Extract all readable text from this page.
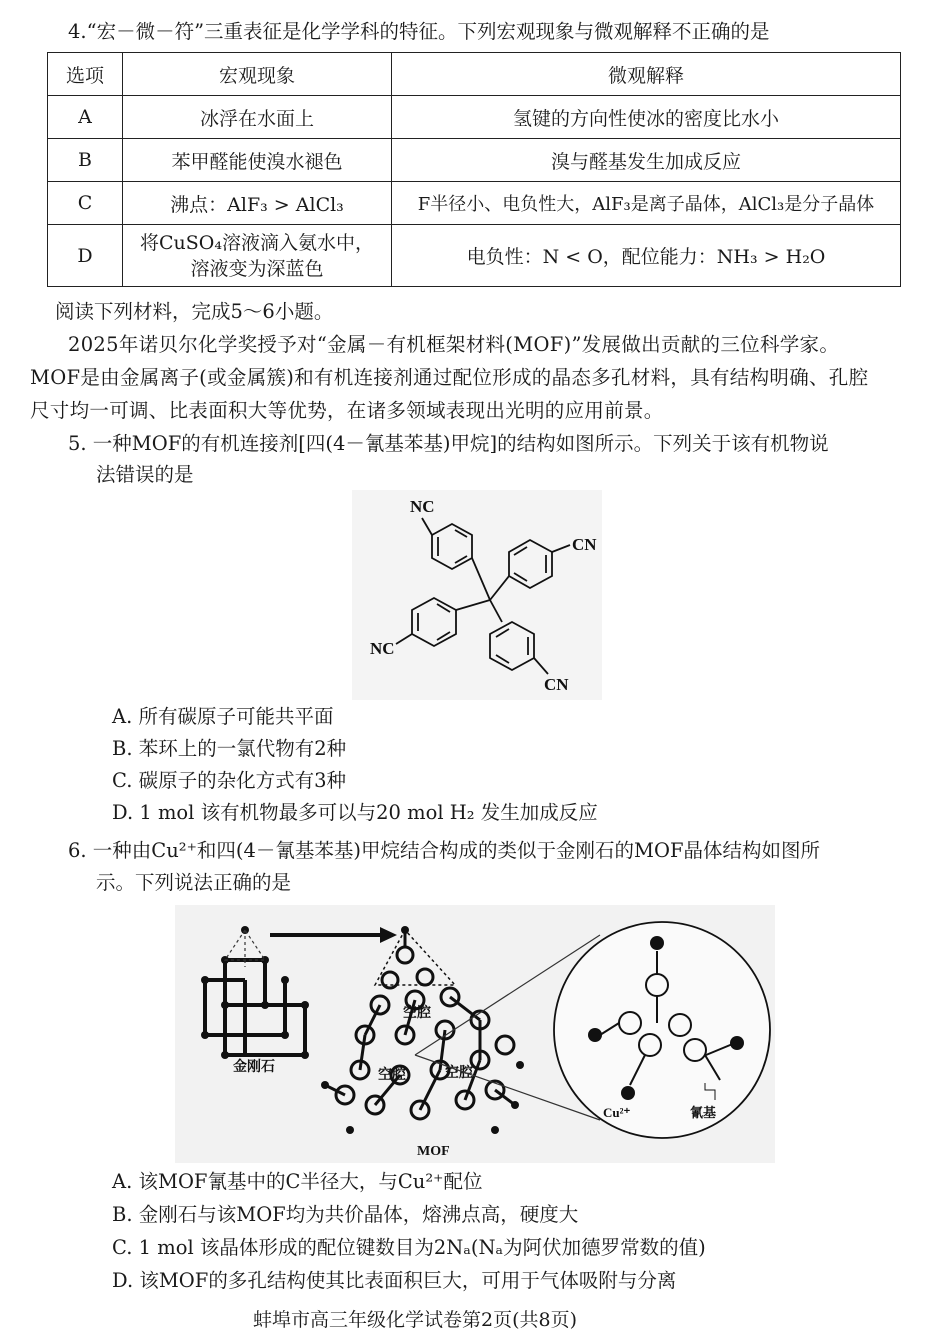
4.“宏－微－符”三重表征是化学学科的特征。下列宏观现象与微观解释不正确的是
选项	宏观现象	微观解释
A	冰浮在水面上	氢键的方向性使冰的密度比水小
B	苯甲醛能使溴水褪色	溴与醛基发生加成反应
C	沸点：AlF₃ > AlCl₃	F半径小、电负性大，AlF₃是离子晶体，AlCl₃是分子晶体
D	将CuSO₄溶液滴入氨水中，
溶液变为深蓝色	电负性：N < O，配位能力：NH₃ > H₂O
阅读下列材料，完成5～6小题。
2025年诺贝尔化学奖授予对“金属－有机框架材料(MOF)”发展做出贡献的三位科学家。
MOF是由金属离子(或金属簇)和有机连接剂通过配位形成的晶态多孔材料，具有结构明确、孔腔
尺寸均一可调、比表面积大等优势，在诸多领域表现出光明的应用前景。
5. 一种MOF的有机连接剂[四(4－氰基苯基)甲烷]的结构如图所示。下列关于该有机物说
法错误的是
NC
CN
NC
CN
A. 所有碳原子可能共平面
B. 苯环上的一氯代物有2种
C. 碳原子的杂化方式有3种
D. 1 mol 该有机物最多可以与20 mol H₂ 发生加成反应
6. 一种由Cu²⁺和四(4－氰基苯基)甲烷结合构成的类似于金刚石的MOF晶体结构如图所
示。下列说法正确的是
金刚石
空腔
空腔	空腔
MOF
Cu²⁺	氰基
A. 该MOF氰基中的C半径大，与Cu²⁺配位
B. 金刚石与该MOF均为共价晶体，熔沸点高，硬度大
C. 1 mol 该晶体形成的配位键数目为2Nₐ(Nₐ为阿伏加德罗常数的值)
D. 该MOF的多孔结构使其比表面积巨大，可用于气体吸附与分离
蚌埠市高三年级化学试卷第2页(共8页)
